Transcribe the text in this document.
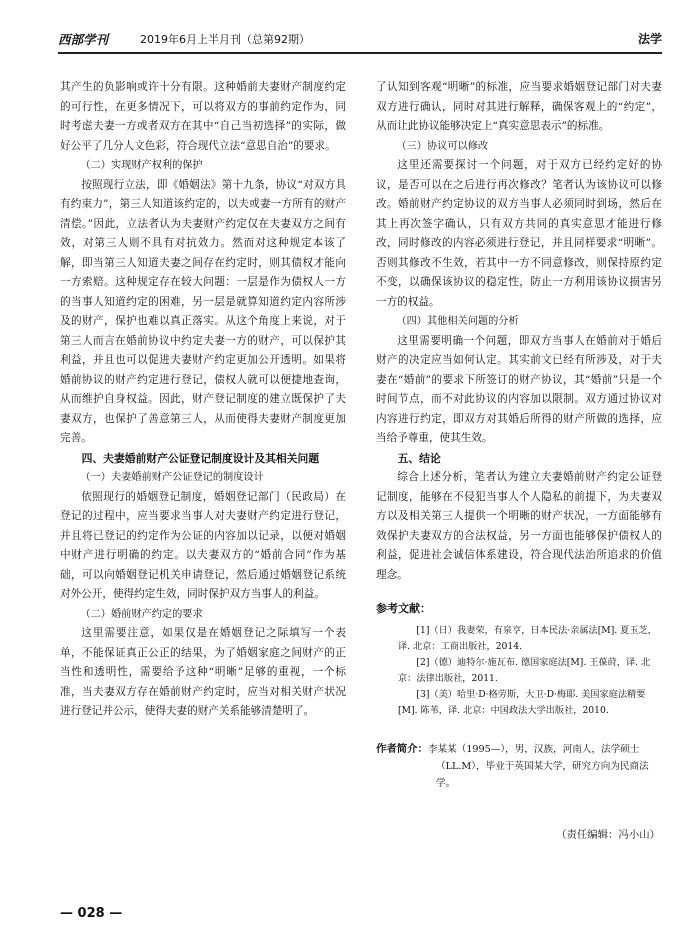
西部学刊	2019年6月上半月刊（总第92期）	法学

其产生的负影响或许十分有限。这种婚前夫妻财产制度约定的可行性，在更多情况下，可以将双方的事前约定作为，同时考虑夫妻一方或者双方在其中“自己当初选择”的实际，做好公平了几分人文色彩，符合现代立法“意思自治”的要求。

（二）实现财产权利的保护

按照现行立法，即《婚姻法》第十九条，协议“对双方具有约束力”，第三人知道该约定的，以夫或妻一方所有的财产清偿。”因此，立法者认为夫妻财产约定仅在夫妻双方之间有效，对第三人则不具有对抗效力。然而对这种规定本该了解，即当第三人知道夫妻之间存在约定时，则其债权才能向一方索赔。这种规定存在较大问题：一层是作为债权人一方的当事人知道约定的困难，另一层是就算知道约定内容所涉及的财产，保护也难以真正落实。从这个角度上来说，对于第三人而言在婚前协议中约定夫妻一方的财产，可以保护其利益，并且也可以促进夫妻财产约定更加公开透明。如果将婚前协议的财产约定进行登记，债权人就可以便捷地查询，从而维护自身权益。因此，财产登记制度的建立既保护了夫妻双方，也保护了善意第三人，从而使得夫妻财产制度更加完善。

四、夫妻婚前财产公证登记制度设计及其相关问题

（一）夫妻婚前财产公证登记的制度设计

依照现行的婚姻登记制度，婚姻登记部门（民政局）在登记的过程中，应当要求当事人对夫妻财产约定进行登记，并且将已登记的约定作为公证的内容加以记录，以便对婚姻中财产进行明确的约定。以夫妻双方的“婚前合同”作为基础，可以向婚姻登记机关申请登记，然后通过婚姻登记系统对外公开，使得约定生效，同时保护双方当事人的利益。

（二）婚前财产约定的要求

这里需要注意，如果仅是在婚姻登记之际填写一个表单，不能保证真正公正的结果，为了婚姻家庭之间财产的正当性和透明性，需要给予这种“明晰”足够的重视，一个标准，当夫妻双方存在婚前财产约定时，应当对相关财产状况进行登记并公示，使得夫妻的财产关系能够清楚明了。

了认知到客观“明晰”的标准，应当要求婚姻登记部门对夫妻双方进行确认，同时对其进行解释，确保客观上的“约定”，从而让此协议能够决定上“真实意思表示”的标准。

（三）协议可以修改

这里还需要探讨一个问题，对于双方已经约定好的协议，是否可以在之后进行再次修改？笔者认为该协议可以修改。婚前财产约定协议的双方当事人必须同时到场，然后在其上再次签字确认，只有双方共同的真实意思才能进行修改，同时修改的内容必须进行登记，并且同样要求“明晰”。否则其修改不生效，若其中一方不同意修改，则保持原约定不变，以确保该协议的稳定性，防止一方利用该协议损害另一方的权益。

（四）其他相关问题的分析

这里需要明确一个问题，即双方当事人在婚前对于婚后财产的决定应当如何认定。其实前文已经有所涉及，对于夫妻在“婚前”的要求下所签订的财产协议，其“婚前”只是一个时间节点，而不对此协议的内容加以限制。双方通过协议对内容进行约定，即双方对其婚后所得的财产所做的选择，应当给予尊重，使其生效。

五、结论

综合上述分析，笔者认为建立夫妻婚前财产约定公证登记制度，能够在不侵犯当事人个人隐私的前提下，为夫妻双方以及相关第三人提供一个明晰的财产状况，一方面能够有效保护夫妻双方的合法权益，另一方面也能够保护债权人的利益，促进社会诚信体系建设，符合现代法治所追求的价值理念。

参考文献：

[1]（日）我妻荣，有泉亨，日本民法·亲属法[M]. 夏玉芝，译. 北京：工商出版社，2014.

[2]（德）迪特尔·施瓦布. 德国家庭法[M]. 王葆莳，译. 北京：法律出版社，2011.

[3]（美）哈里·D·格劳斯，大卫·D·梅耶. 美国家庭法精要[M]. 陈苇，译. 北京：中国政法大学出版社，2010.

作者简介：李某某（1995—），男，汉族，河南人，法学硕士（LL.M），毕业于英国某大学，研究方向为民商法学。
（责任编辑：冯小山）
— 028 —
